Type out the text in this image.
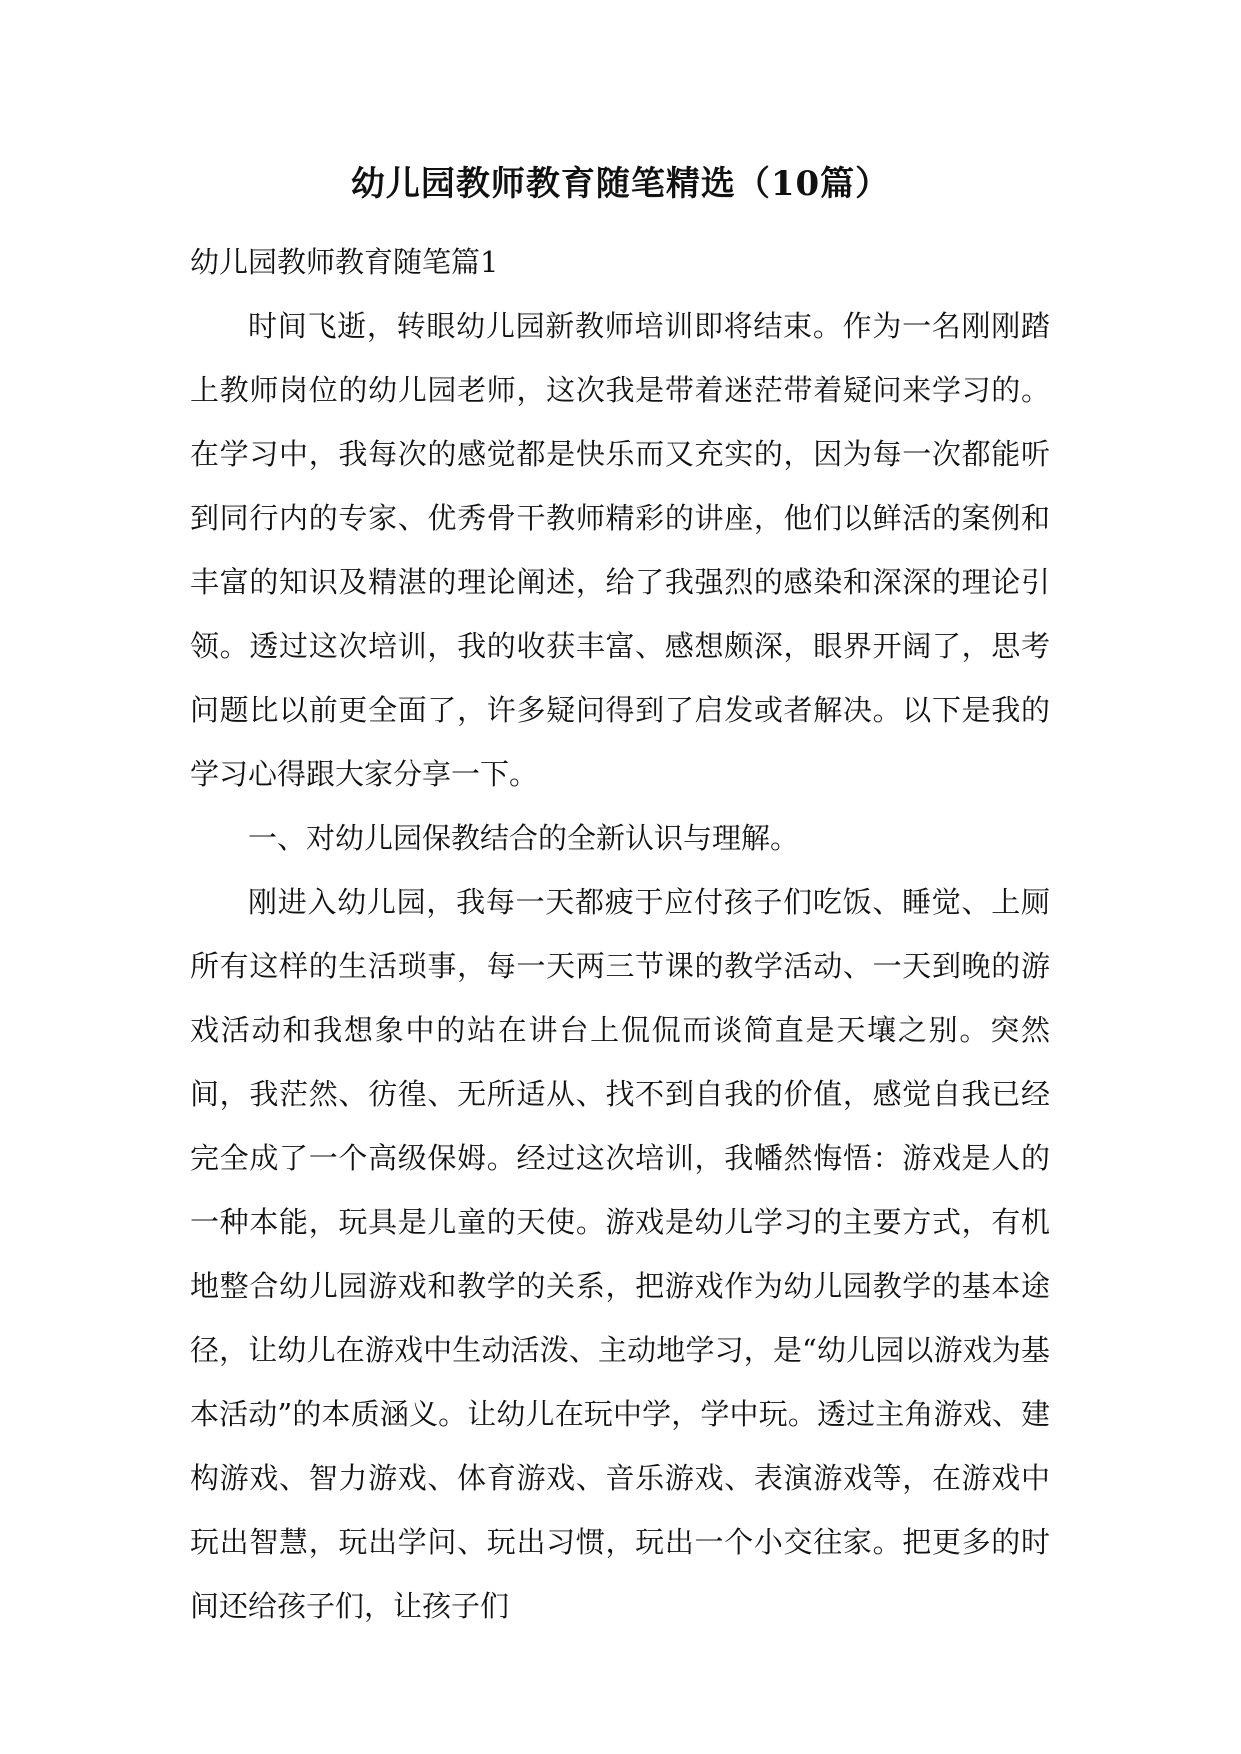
幼儿园教师教育随笔精选（10篇）

幼儿园教师教育随笔篇1

时间飞逝，转眼幼儿园新教师培训即将结束。作为一名刚刚踏上教师岗位的幼儿园老师，这次我是带着迷茫带着疑问来学习的。在学习中，我每次的感觉都是快乐而又充实的，因为每一次都能听到同行内的专家、优秀骨干教师精彩的讲座，他们以鲜活的案例和丰富的知识及精湛的理论阐述，给了我强烈的感染和深深的理论引领。透过这次培训，我的收获丰富、感想颇深，眼界开阔了，思考问题比以前更全面了，许多疑问得到了启发或者解决。以下是我的学习心得跟大家分享一下。

一、对幼儿园保教结合的全新认识与理解。

刚进入幼儿园，我每一天都疲于应付孩子们吃饭、睡觉、上厕所有这样的生活琐事，每一天两三节课的教学活动、一天到晚的游戏活动和我想象中的站在讲台上侃侃而谈简直是天壤之别。突然间，我茫然、彷徨、无所适从、找不到自我的价值，感觉自我已经完全成了一个高级保姆。经过这次培训，我幡然悔悟：游戏是人的一种本能，玩具是儿童的天使。游戏是幼儿学习的主要方式，有机地整合幼儿园游戏和教学的关系，把游戏作为幼儿园教学的基本途径，让幼儿在游戏中生动活泼、主动地学习，是“幼儿园以游戏为基本活动”的本质涵义。让幼儿在玩中学，学中玩。透过主角游戏、建构游戏、智力游戏、体育游戏、音乐游戏、表演游戏等，在游戏中玩出智慧，玩出学问、玩出习惯，玩出一个小交往家。把更多的时间还给孩子们，让孩子们
